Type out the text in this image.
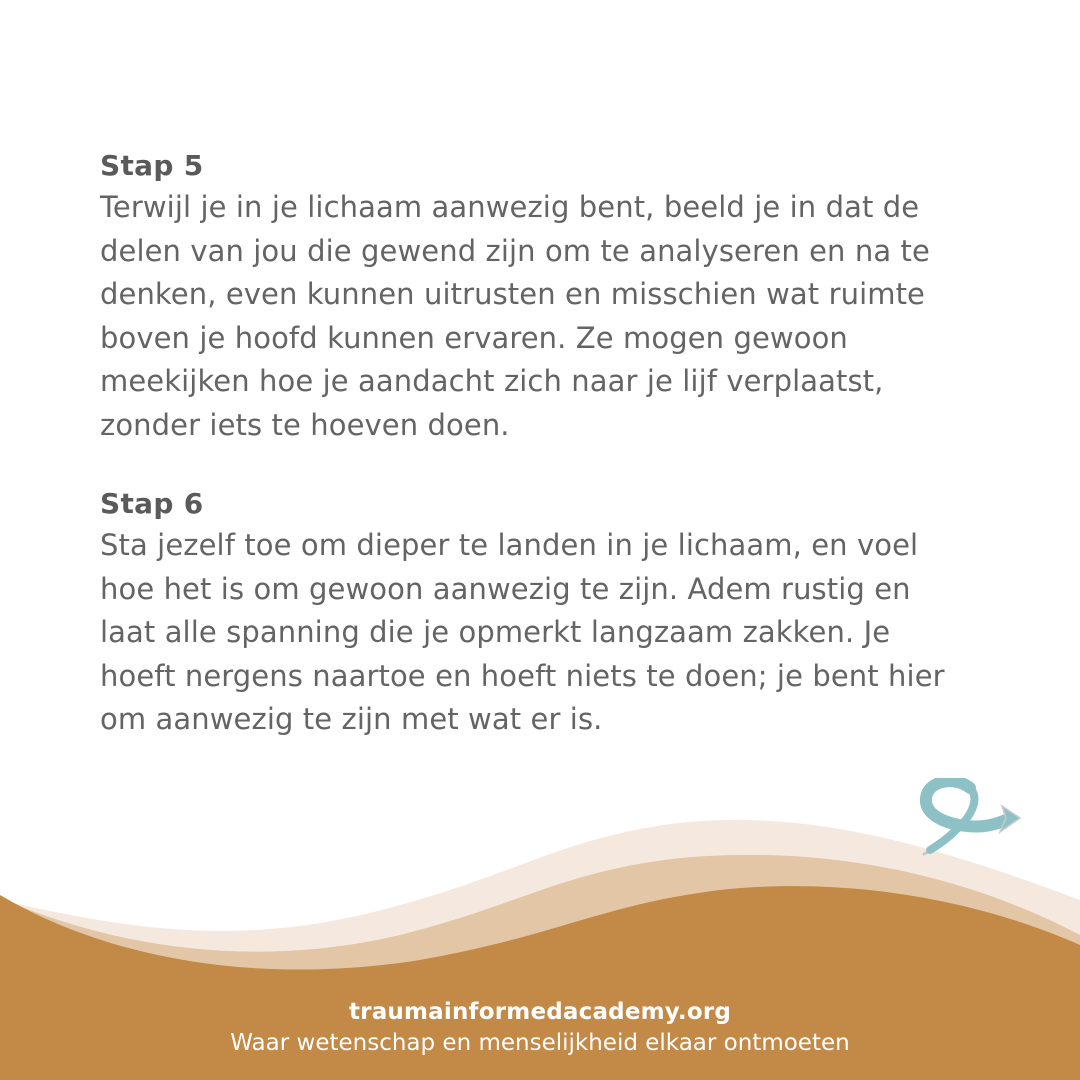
Stap 5

Terwijl je in je lichaam aanwezig bent, beeld je in dat de
delen van jou die gewend zijn om te analyseren en na te
denken, even kunnen uitrusten en misschien wat ruimte
boven je hoofd kunnen ervaren. Ze mogen gewoon
meekijken hoe je aandacht zich naar je lijf verplaatst,
zonder iets te hoeven doen.

Stap 6

Sta jezelf toe om dieper te landen in je lichaam, en voel
hoe het is om gewoon aanwezig te zijn. Adem rustig en
laat alle spanning die je opmerkt langzaam zakken. Je
hoeft nergens naartoe en hoeft niets te doen; je bent hier
om aanwezig te zijn met wat er is.

traumainformedacademy.org

Waar wetenschap en menselijkheid elkaar ontmoeten
